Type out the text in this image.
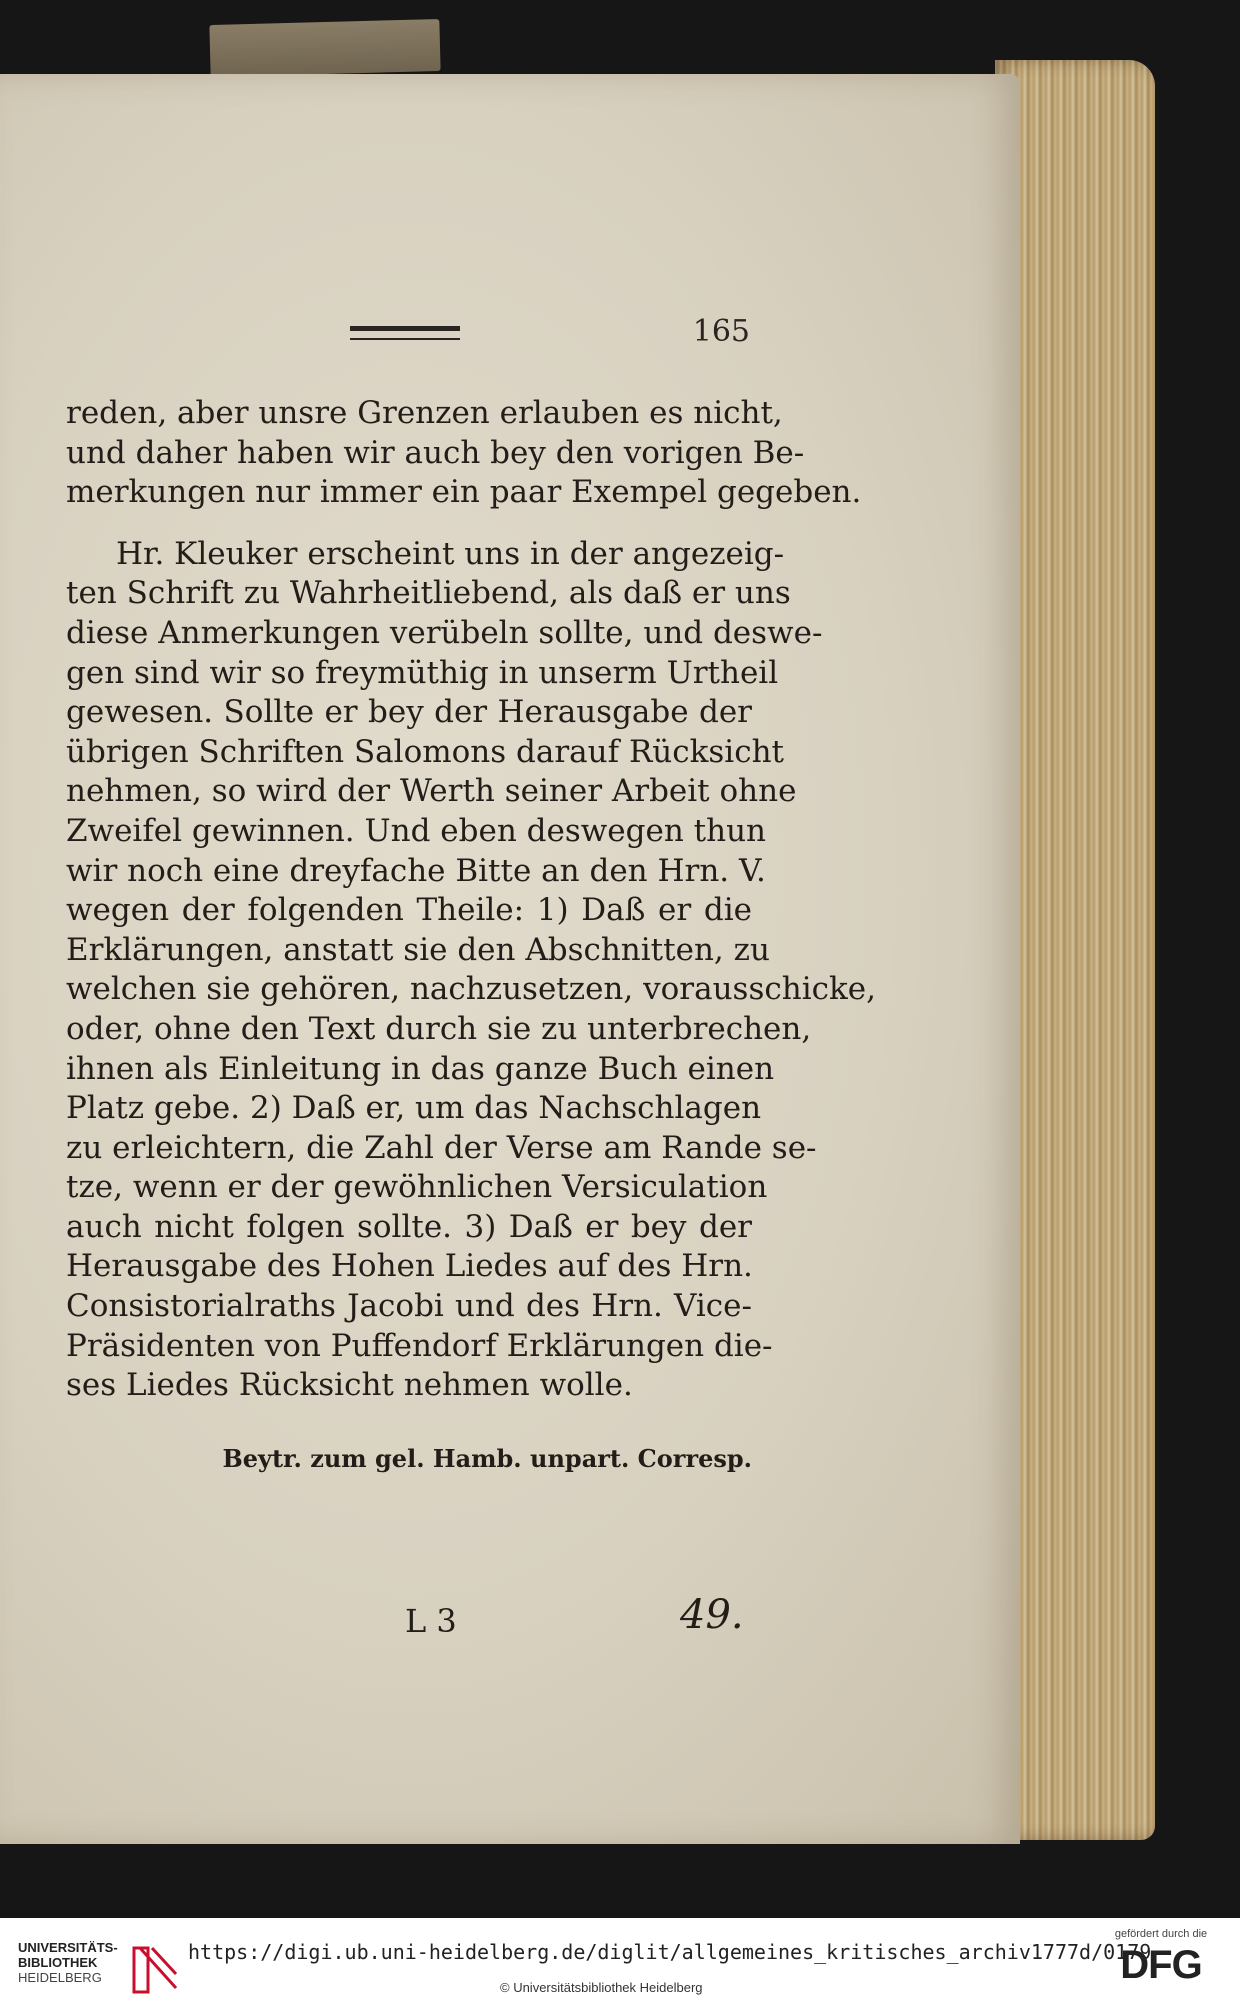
165
reden, aber unsre Grenzen erlauben es nicht,
und daher haben wir auch bey den vorigen Be-
merkungen nur immer ein paar Exempel gegeben.
Hr. Kleuker erscheint uns in der angezeig-
ten Schrift zu Wahrheitliebend, als daß er uns
diese Anmerkungen verübeln sollte, und deswe-
gen sind wir so freymüthig in unserm Urtheil
gewesen. Sollte er bey der Herausgabe der
übrigen Schriften Salomons darauf Rücksicht
nehmen, so wird der Werth seiner Arbeit ohne
Zweifel gewinnen. Und eben deswegen thun
wir noch eine dreyfache Bitte an den Hrn. V.
wegen der folgenden Theile: 1) Daß er die
Erklärungen, anstatt sie den Abschnitten, zu
welchen sie gehören, nachzusetzen, vorausschicke,
oder, ohne den Text durch sie zu unterbrechen,
ihnen als Einleitung in das ganze Buch einen
Platz gebe. 2) Daß er, um das Nachschlagen
zu erleichtern, die Zahl der Verse am Rande se-
tze, wenn er der gewöhnlichen Versiculation
auch nicht folgen sollte. 3) Daß er bey der
Herausgabe des Hohen Liedes auf des Hrn.
Consistorialraths Jacobi und des Hrn. Vice-
Präsidenten von Puffendorf Erklärungen die-
ses Liedes Rücksicht nehmen wolle.
Beytr. zum gel. Hamb. unpart. Corresp.
L 3	49.
UNIVERSITÄTS-
BIBLIOTHEK
HEIDELBERG
https://digi.ub.uni-heidelberg.de/diglit/allgemeines_kritisches_archiv1777d/0179
© Universitätsbibliothek Heidelberg
gefördert durch die
DFG
